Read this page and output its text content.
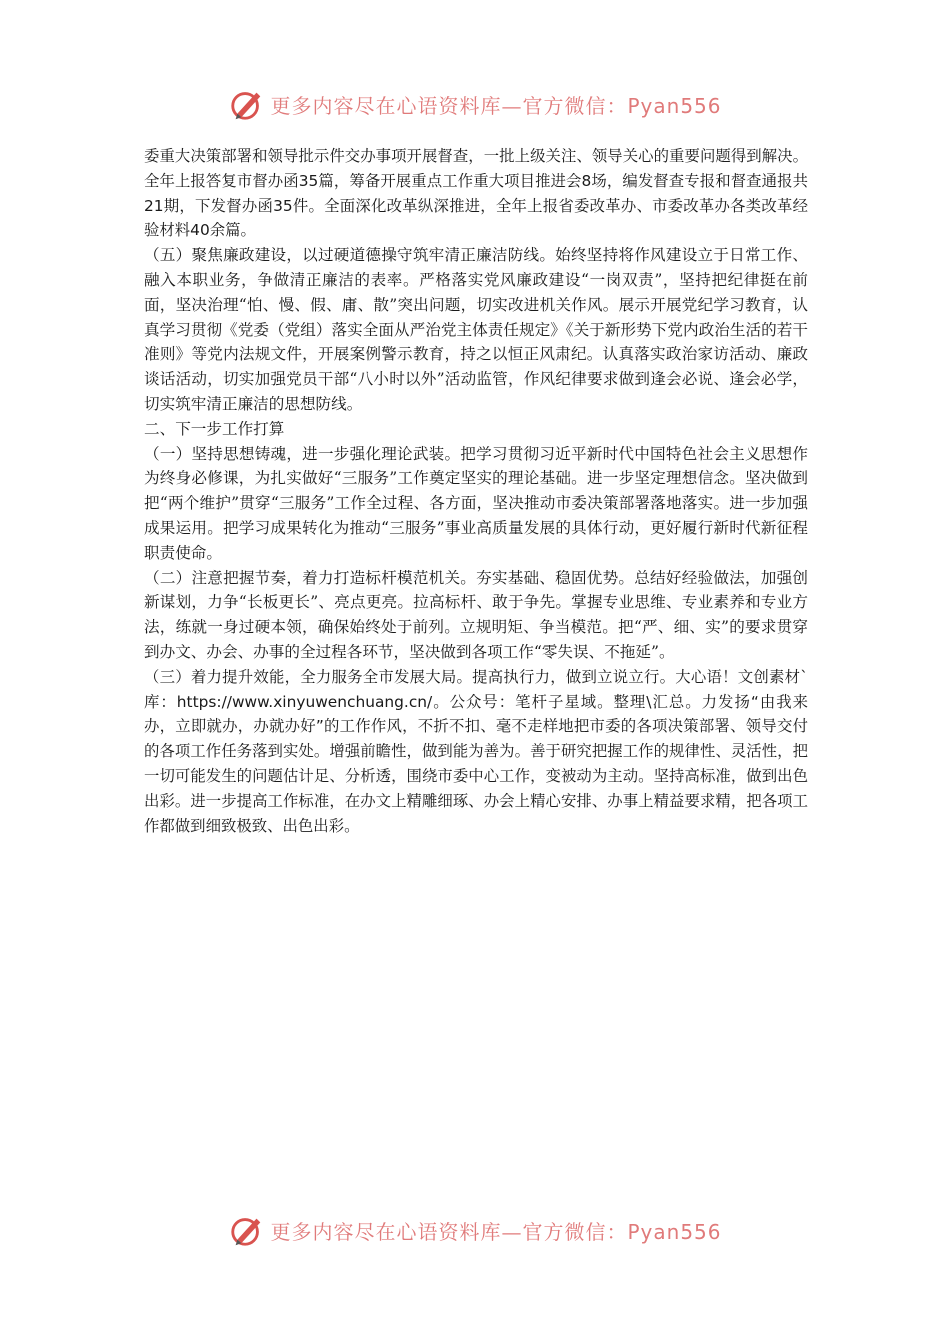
更多内容尽在心语资料库—官方微信：Pyan556

委重大决策部署和领导批示件交办事项开展督查，一批上级关注、领导关心的重要问题得到解决。全年上报答复市督办函35篇，筹备开展重点工作重大项目推进会8场，编发督查专报和督查通报共21期，下发督办函35件。全面深化改革纵深推进，全年上报省委改革办、市委改革办各类改革经验材料40余篇。

（五）聚焦廉政建设，以过硬道德操守筑牢清正廉洁防线。始终坚持将作风建设立于日常工作、融入本职业务，争做清正廉洁的表率。严格落实党风廉政建设“一岗双责”，坚持把纪律挺在前面，坚决治理“怕、慢、假、庸、散”突出问题，切实改进机关作风。展示开展党纪学习教育，认真学习贯彻《党委（党组）落实全面从严治党主体责任规定》《关于新形势下党内政治生活的若干准则》等党内法规文件，开展案例警示教育，持之以恒正风肃纪。认真落实政治家访活动、廉政谈话活动，切实加强党员干部“八小时以外”活动监管，作风纪律要求做到逢会必说、逢会必学，切实筑牢清正廉洁的思想防线。

二、下一步工作打算

（一）坚持思想铸魂，进一步强化理论武装。把学习贯彻习近平新时代中国特色社会主义思想作为终身必修课，为扎实做好“三服务”工作奠定坚实的理论基础。进一步坚定理想信念。坚决做到把“两个维护”贯穿“三服务”工作全过程、各方面，坚决推动市委决策部署落地落实。进一步加强成果运用。把学习成果转化为推动“三服务”事业高质量发展的具体行动，更好履行新时代新征程职责使命。

（二）注意把握节奏，着力打造标杆模范机关。夯实基础、稳固优势。总结好经验做法，加强创新谋划，力争“长板更长”、亮点更亮。拉高标杆、敢于争先。掌握专业思维、专业素养和专业方法，练就一身过硬本领，确保始终处于前列。立规明矩、争当模范。把“严、细、实”的要求贯穿到办文、办会、办事的全过程各环节，坚决做到各项工作“零失误、不拖延”。

（三）着力提升效能，全力服务全市发展大局。提高执行力，做到立说立行。大心语！文创素材`库：https://www.xinyuwenchuang.cn/。公众号：笔杆子星域。整理\汇总。力发扬“由我来办，立即就办，办就办好”的工作作风，不折不扣、毫不走样地把市委的各项决策部署、领导交付的各项工作任务落到实处。增强前瞻性，做到能为善为。善于研究把握工作的规律性、灵活性，把一切可能发生的问题估计足、分析透，围绕市委中心工作，变被动为主动。坚持高标准，做到出色出彩。进一步提高工作标准，在办文上精雕细琢、办会上精心安排、办事上精益要求精，把各项工作都做到细致极致、出色出彩。

更多内容尽在心语资料库—官方微信：Pyan556
